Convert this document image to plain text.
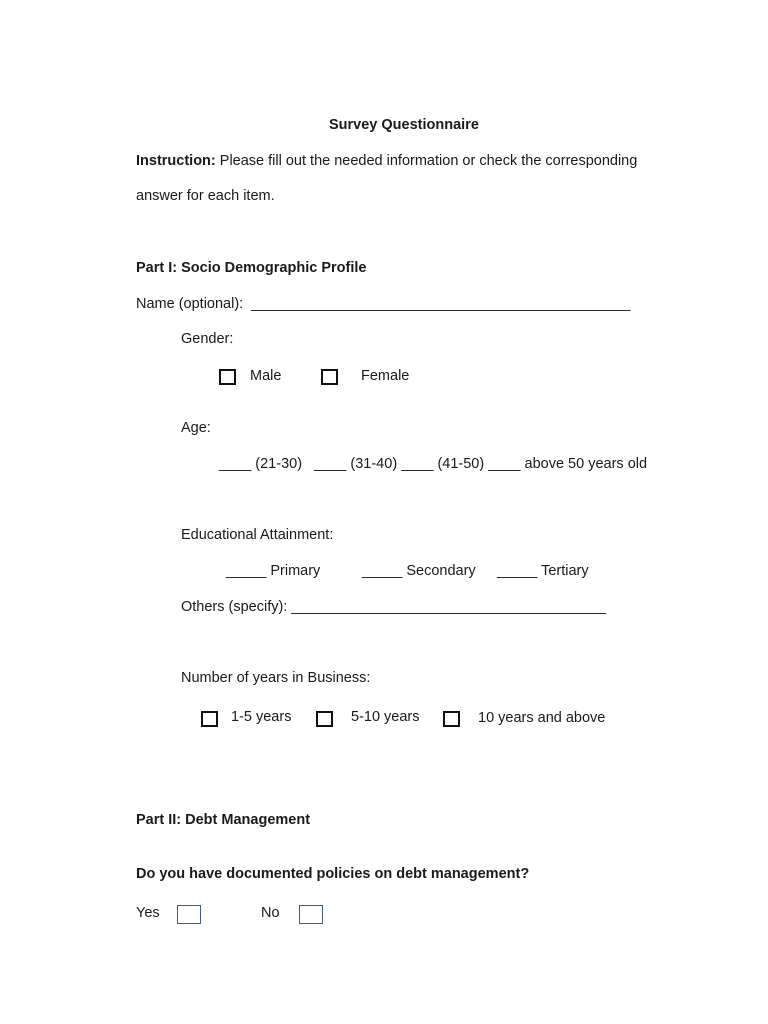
Survey Questionnaire
Instruction: Please fill out the needed information or check the corresponding
answer for each item.
Part I: Socio Demographic Profile
Name (optional):  _______________________________________________
Gender:
Male	Female
Age:
____ (21-30)   ____ (31-40) ____ (41-50) ____ above 50 years old
Educational Attainment:
_____ Primary	_____ Secondary _____ Tertiary
Others (specify): _______________________________________
Number of years in Business:
1-5 years	5-10 years	10 years and above
Part II: Debt Management
Do you have documented policies on debt management?
Yes	No
